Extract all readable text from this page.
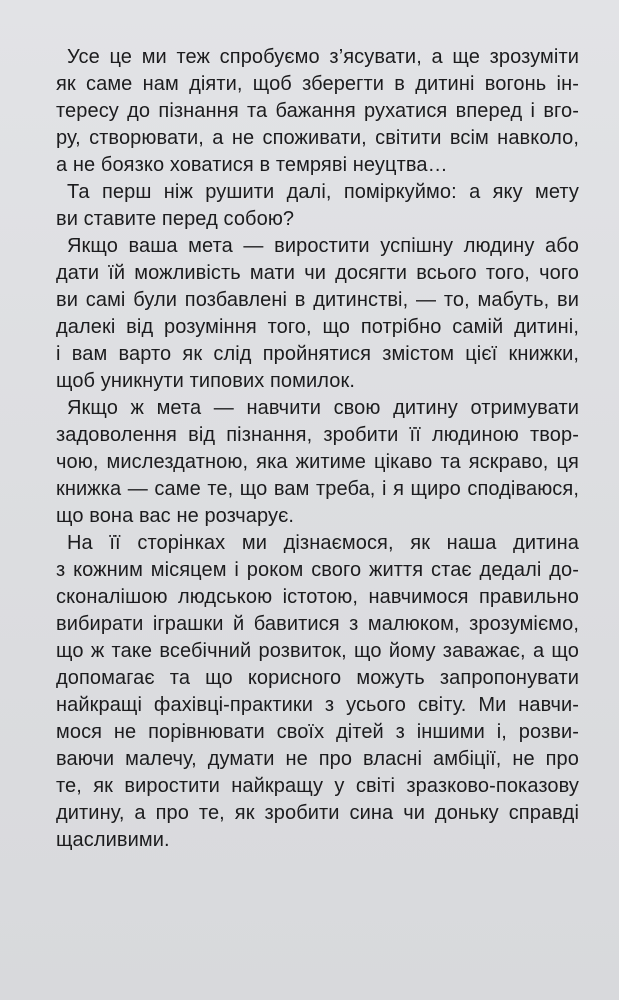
Усе це ми теж спробуємо з’ясувати, а ще зрозуміти
як саме нам діяти, щоб зберегти в дитині вогонь ін-
тересу до пізнання та бажання рухатися вперед і вго-
ру, створювати, а не споживати, світити всім навколо,
а не боязко ховатися в темряві неуцтва…
Та перш ніж рушити далі, поміркуймо: а яку мету
ви ставите перед собою?
Якщо ваша мета — виростити успішну людину або
дати їй можливість мати чи досягти всього того, чого
ви самі були позбавлені в дитинстві, — то, мабуть, ви
далекі від розуміння того, що потрібно самій дитині,
і вам варто як слід пройнятися змістом цієї книжки,
щоб уникнути типових помилок.
Якщо ж мета — навчити свою дитину отримувати
задоволення від пізнання, зробити її людиною твор-
чою, мислездатною, яка житиме цікаво та яскраво, ця
книжка — саме те, що вам треба, і я щиро сподіваюся,
що вона вас не розчарує.
На її сторінках ми дізнаємося, як наша дитина
з кожним місяцем і роком свого життя стає дедалі до-
сконалішою людською істотою, навчимося правильно
вибирати іграшки й бавитися з малюком, зрозуміємо,
що ж таке всебічний розвиток, що йому заважає, а що
допомагає та що корисного можуть запропонувати
найкращі фахівці-практики з усього світу. Ми навчи-
мося не порівнювати своїх дітей з іншими і, розви-
ваючи малечу, думати не про власні амбіції, не про
те, як виростити найкращу у світі зразково-показову
дитину, а про те, як зробити сина чи доньку справді
щасливими.
